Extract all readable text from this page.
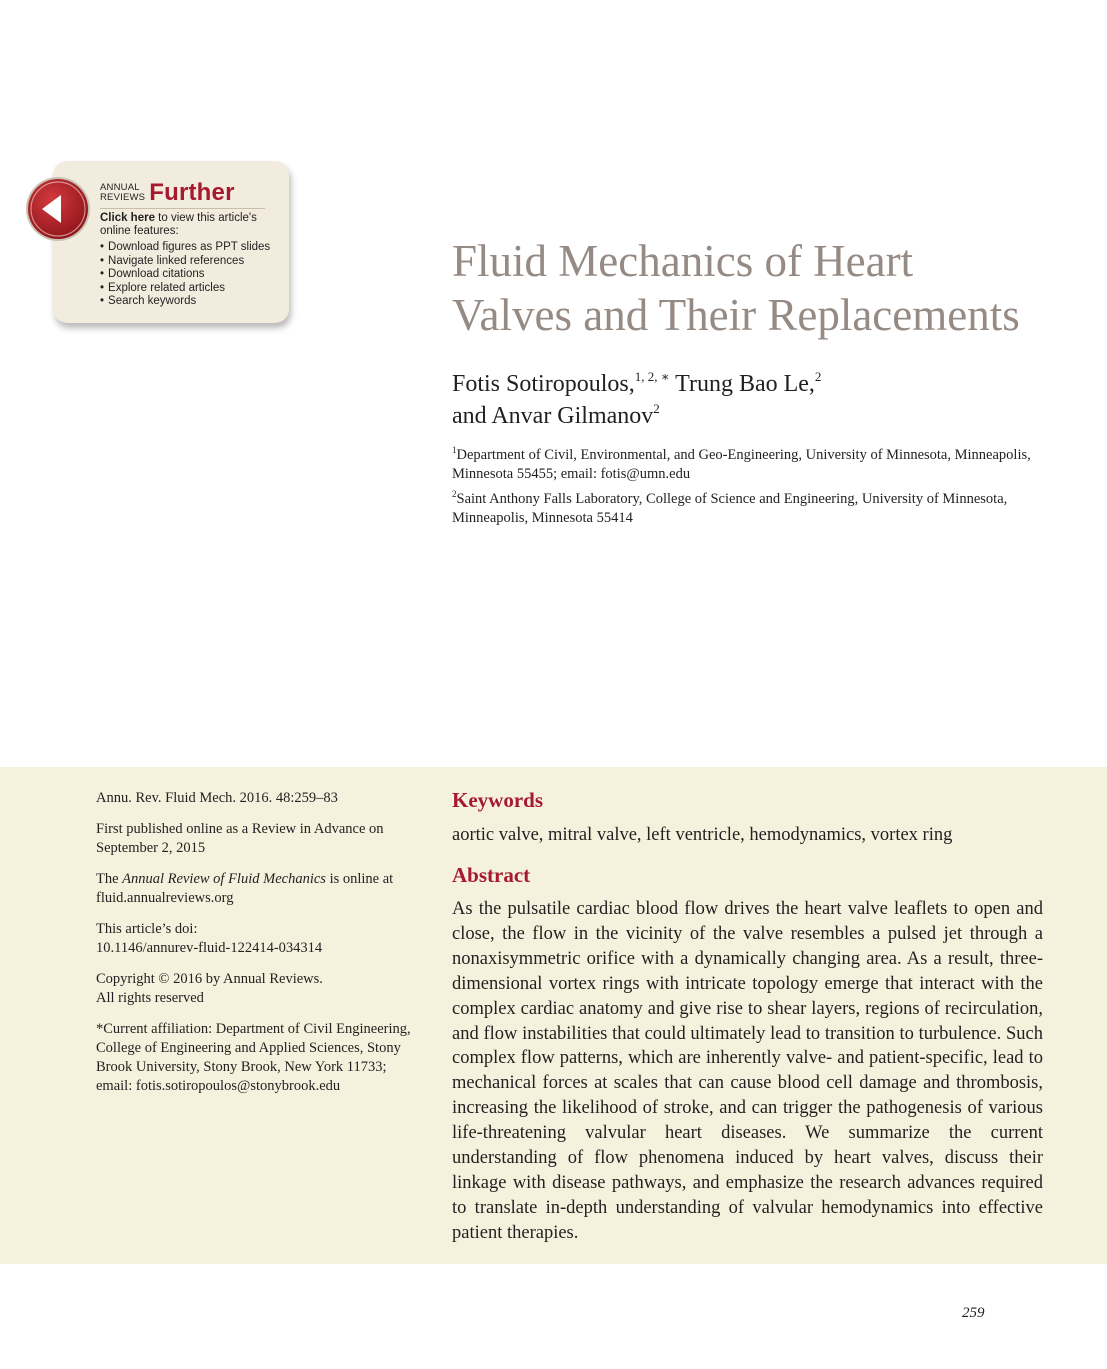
ANNUAL
REVIEWS Further
Click here to view this article's online features:
• Download figures as PPT slides
• Navigate linked references
• Download citations
• Explore related articles
• Search keywords
Fluid Mechanics of Heart
Valves and Their Replacements
Fotis Sotiropoulos,$^{1, 2, ∗}$ Trung Bao Le,$^2$
and Anvar Gilmanov$^2$
$^1$Department of Civil, Environmental, and Geo-Engineering, University of Minnesota, Minneapolis, Minnesota 55455; email: fotis@umn.edu
$^2$Saint Anthony Falls Laboratory, College of Science and Engineering, University of Minnesota, Minneapolis, Minnesota 55414

Annu. Rev. Fluid Mech. 2016. 48:259–83

First published online as a Review in Advance on September 2, 2015

The Annual Review of Fluid Mechanics is online at fluid.annualreviews.org

This article’s doi:
10.1146/annurev-fluid-122414-034314

Copyright © 2016 by Annual Reviews.
All rights reserved

*Current affiliation: Department of Civil Engineering, College of Engineering and Applied Sciences, Stony Brook University, Stony Brook, New York 11733;
email: fotis.sotiropoulos@stonybrook.edu

Keywords
aortic valve, mitral valve, left ventricle, hemodynamics, vortex ring
Abstract

As the pulsatile cardiac blood flow drives the heart valve leaflets to open and close, the flow in the vicinity of the valve resembles a pulsed jet through a nonaxisymmetric orifice with a dynamically changing area. As a result, three-dimensional vortex rings with intricate topology emerge that interact with the complex cardiac anatomy and give rise to shear layers, regions of recirculation, and flow instabilities that could ultimately lead to transition to turbulence. Such complex flow patterns, which are inherently valve- and patient-specific, lead to mechanical forces at scales that can cause blood cell damage and thrombosis, increasing the likelihood of stroke, and can trigger the pathogenesis of various life-threatening valvular heart diseases. We summarize the current understanding of flow phenomena induced by heart valves, discuss their linkage with disease pathways, and emphasize the research advances required to translate in-depth understanding of valvular hemodynamics into effective patient therapies.

259
